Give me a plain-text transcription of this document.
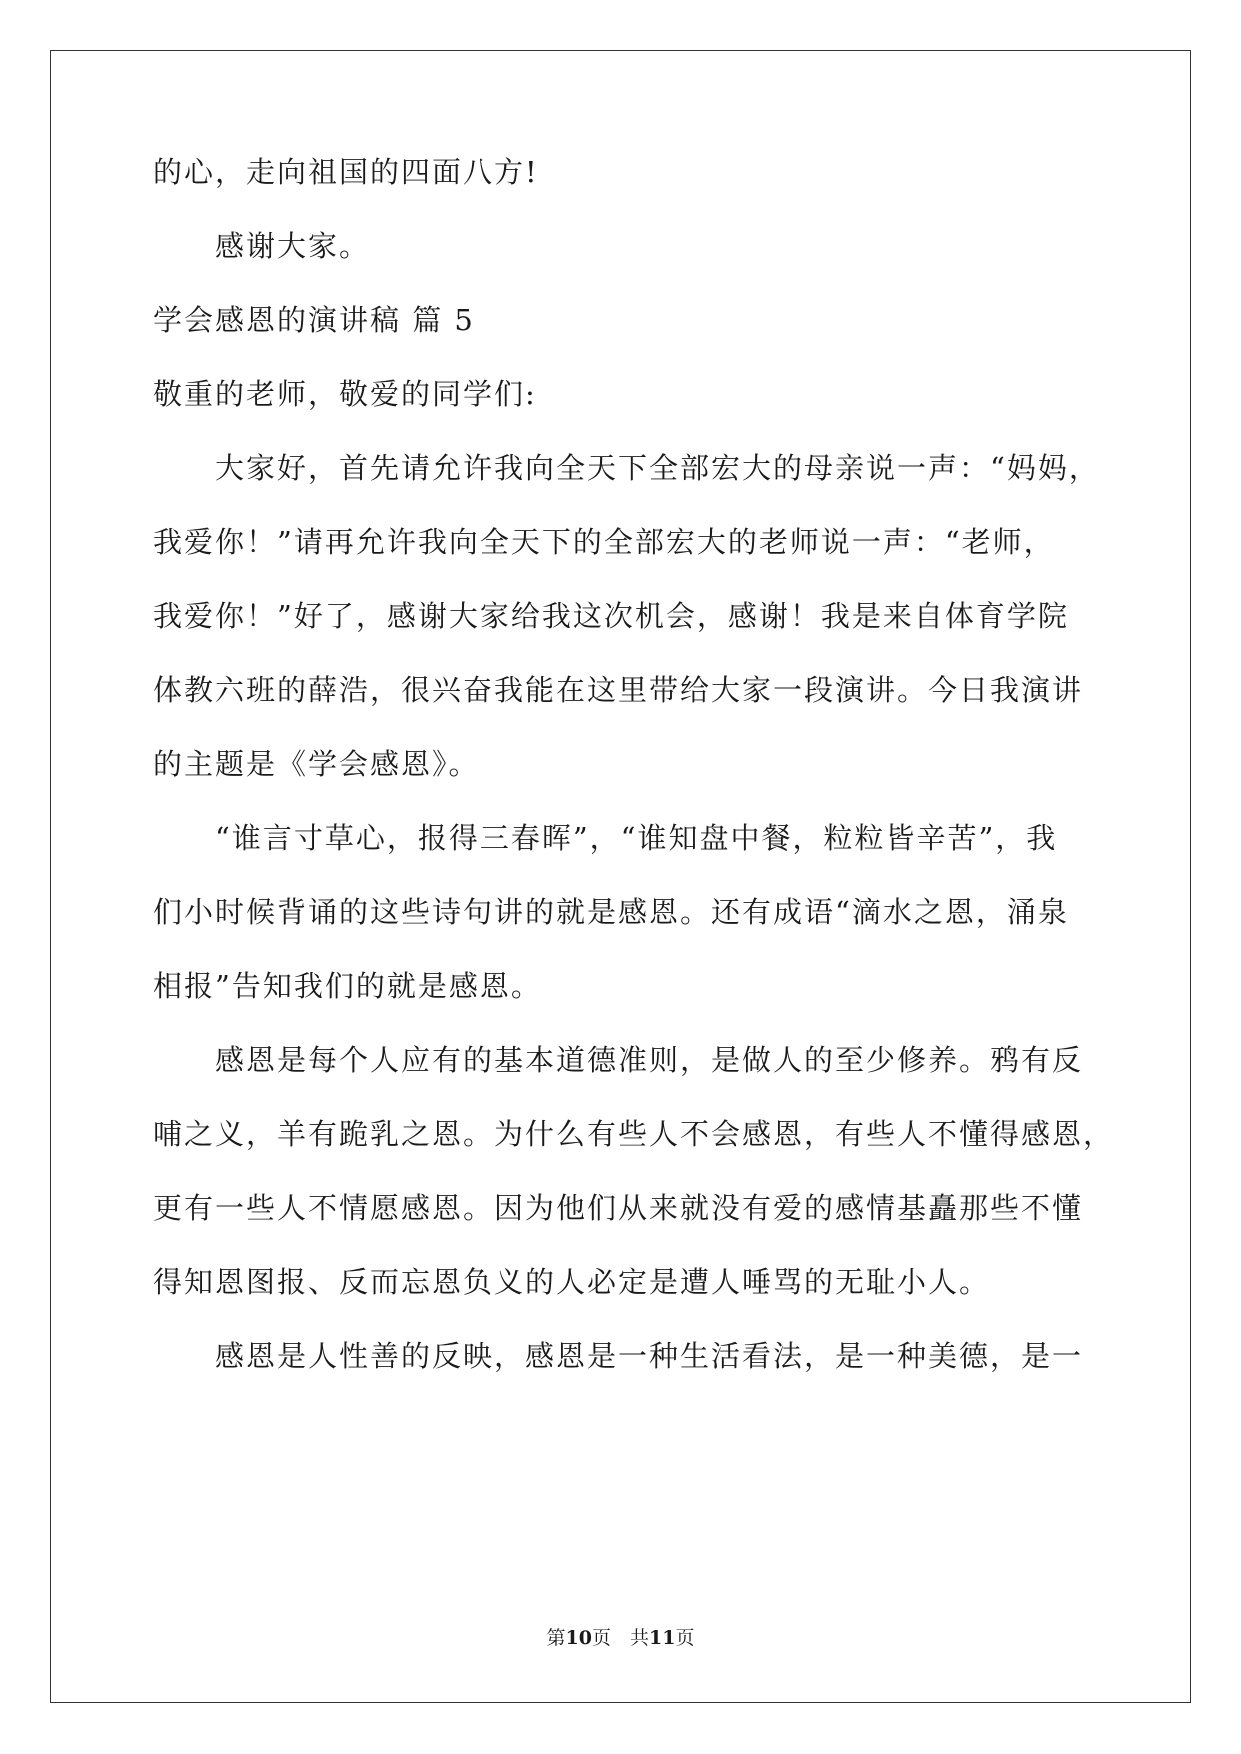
的心，走向祖国的四面八方!
　　感谢大家。
学会感恩的演讲稿 篇 5
敬重的老师，敬爱的同学们:
　　大家好，首先请允许我向全天下全部宏大的母亲说一声：“妈妈，
我爱你！”请再允许我向全天下的全部宏大的老师说一声：“老师，
我爱你！”好了，感谢大家给我这次机会，感谢！我是来自体育学院
体教六班的薛浩，很兴奋我能在这里带给大家一段演讲。今日我演讲
的主题是《学会感恩》。
　　“谁言寸草心，报得三春晖”，“谁知盘中餐，粒粒皆辛苦”，我
们小时候背诵的这些诗句讲的就是感恩。还有成语“滴水之恩，涌泉
相报”告知我们的就是感恩。
　　感恩是每个人应有的基本道德准则，是做人的至少修养。鸦有反
哺之义，羊有跪乳之恩。为什么有些人不会感恩，有些人不懂得感恩，
更有一些人不情愿感恩。因为他们从来就没有爱的感情基矗那些不懂
得知恩图报、反而忘恩负义的人必定是遭人唾骂的无耻小人。
　　感恩是人性善的反映，感恩是一种生活看法，是一种美德，是一
第10页　共11页
